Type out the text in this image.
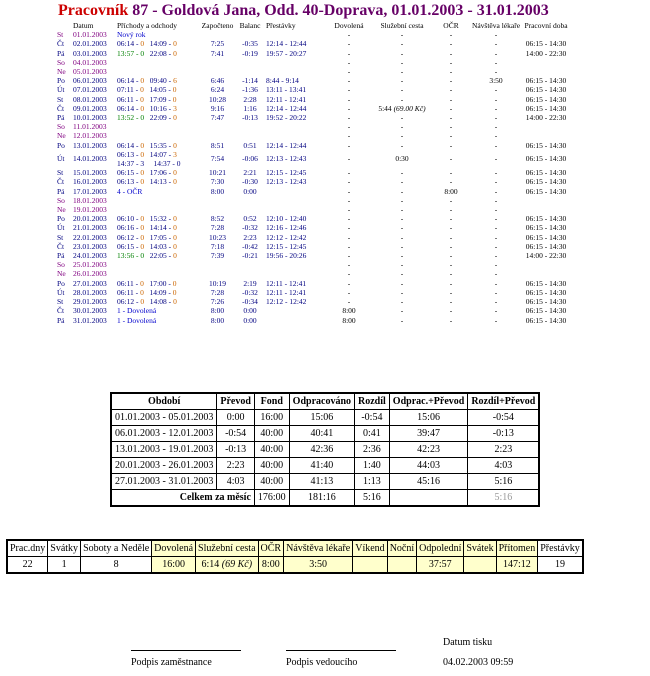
Pracovník 87 - Goldová Jana, Odd. 40-Doprava, 01.01.2003 - 31.01.2003
	Datum	Příchody a odchody	Započteno	Balanc	Přestávky	Dovolená	Služební cesta	OČR	Návštěva lékaře	Pracovní doba
St	01.01.2003	Nový rok				-	-	-	-	
Čt	02.01.2003	06:14 - 0   14:09 - 0	7:25	-0:35	12:14 - 12:44	-	-	-	-	06:15 - 14:30
Pá	03.01.2003	13:57 - 0   22:08 - 0	7:41	-0:19	19:57 - 20:27	-	-	-	-	14:00 - 22:30
So	04.01.2003					-	-	-	-	
Ne	05.01.2003					-	-	-	-	
Po	06.01.2003	06:14 - 0   09:40 - 6	6:46	-1:14	8:44 - 9:14	-	-	-	3:50	06:15 - 14:30
Út	07.01.2003	07:11 - 0   14:05 - 0	6:24	-1:36	13:11 - 13:41	-	-	-	-	06:15 - 14:30
St	08.01.2003	06:11 - 0   17:09 - 0	10:28	2:28	12:11 - 12:41	-	-	-	-	06:15 - 14:30
Čt	09.01.2003	06:14 - 0   10:16 - 3	9:16	1:16	12:14 - 12:44	-	5:44 (69.00 Kč)	-	-	06:15 - 14:30
Pá	10.01.2003	13:52 - 0   22:09 - 0	7:47	-0:13	19:52 - 20:22	-	-	-	-	14:00 - 22:30
So	11.01.2003					-	-	-	-	
Ne	12.01.2003					-	-	-	-	
Po	13.01.2003	06:14 - 0   15:35 - 0	8:51	0:51	12:14 - 12:44	-	-	-	-	06:15 - 14:30
Út	14.01.2003	06:13 - 0   14:07 - 3
14:37 - 3     14:37 - 0	7:54	-0:06	12:13 - 12:43	-	0:30	-	-	06:15 - 14:30
St	15.01.2003	06:15 - 0   17:06 - 0	10:21	2:21	12:15 - 12:45	-	-	-	-	06:15 - 14:30
Čt	16.01.2003	06:13 - 0   14:13 - 0	7:30	-0:30	12:13 - 12:43	-	-	-	-	06:15 - 14:30
Pá	17.01.2003	4 - OČR	8:00	0:00		-	-	8:00	-	06:15 - 14:30
So	18.01.2003					-	-	-	-	
Ne	19.01.2003					-	-	-	-	
Po	20.01.2003	06:10 - 0   15:32 - 0	8:52	0:52	12:10 - 12:40	-	-	-	-	06:15 - 14:30
Út	21.01.2003	06:16 - 0   14:14 - 0	7:28	-0:32	12:16 - 12:46	-	-	-	-	06:15 - 14:30
St	22.01.2003	06:12 - 0   17:05 - 0	10:23	2:23	12:12 - 12:42	-	-	-	-	06:15 - 14:30
Čt	23.01.2003	06:15 - 0   14:03 - 0	7:18	-0:42	12:15 - 12:45	-	-	-	-	06:15 - 14:30
Pá	24.01.2003	13:56 - 0   22:05 - 0	7:39	-0:21	19:56 - 20:26	-	-	-	-	14:00 - 22:30
So	25.01.2003					-	-	-	-	
Ne	26.01.2003					-	-	-	-	
Po	27.01.2003	06:11 - 0   17:00 - 0	10:19	2:19	12:11 - 12:41	-	-	-	-	06:15 - 14:30
Út	28.01.2003	06:11 - 0   14:09 - 0	7:28	-0:32	12:11 - 12:41	-	-	-	-	06:15 - 14:30
St	29.01.2003	06:12 - 0   14:08 - 0	7:26	-0:34	12:12 - 12:42	-	-	-	-	06:15 - 14:30
Čt	30.01.2003	1 - Dovolená	8:00	0:00		8:00	-	-	-	06:15 - 14:30
Pá	31.01.2003	1 - Dovolená	8:00	0:00		8:00	-	-	-	06:15 - 14:30
Období	Převod	Fond	Odpracováno	Rozdíl	Odprac.+Převod	Rozdíl+Převod
01.01.2003 - 05.01.2003	0:00	16:00	15:06	-0:54	15:06	-0:54
06.01.2003 - 12.01.2003	-0:54	40:00	40:41	0:41	39:47	-0:13
13.01.2003 - 19.01.2003	-0:13	40:00	42:36	2:36	42:23	2:23
20.01.2003 - 26.01.2003	2:23	40:00	41:40	1:40	44:03	4:03
27.01.2003 - 31.01.2003	4:03	40:00	41:13	1:13	45:16	5:16
Celkem za měsíc		176:00	181:16	5:16		5:16
Prac.dny	Svátky	Soboty a Neděle	Dovolená	Služební cesta	OČR	Návštěva lékaře	Víkend	Noční	Odpolední	Svátek	Přítomen	Přestávky
22	1	8	16:00	6:14 (69 Kč)	8:00	3:50			37:57		147:12	19
Podpis zaměstnance	Podpis vedoucího
Datum tisku
04.02.2003 09:59
